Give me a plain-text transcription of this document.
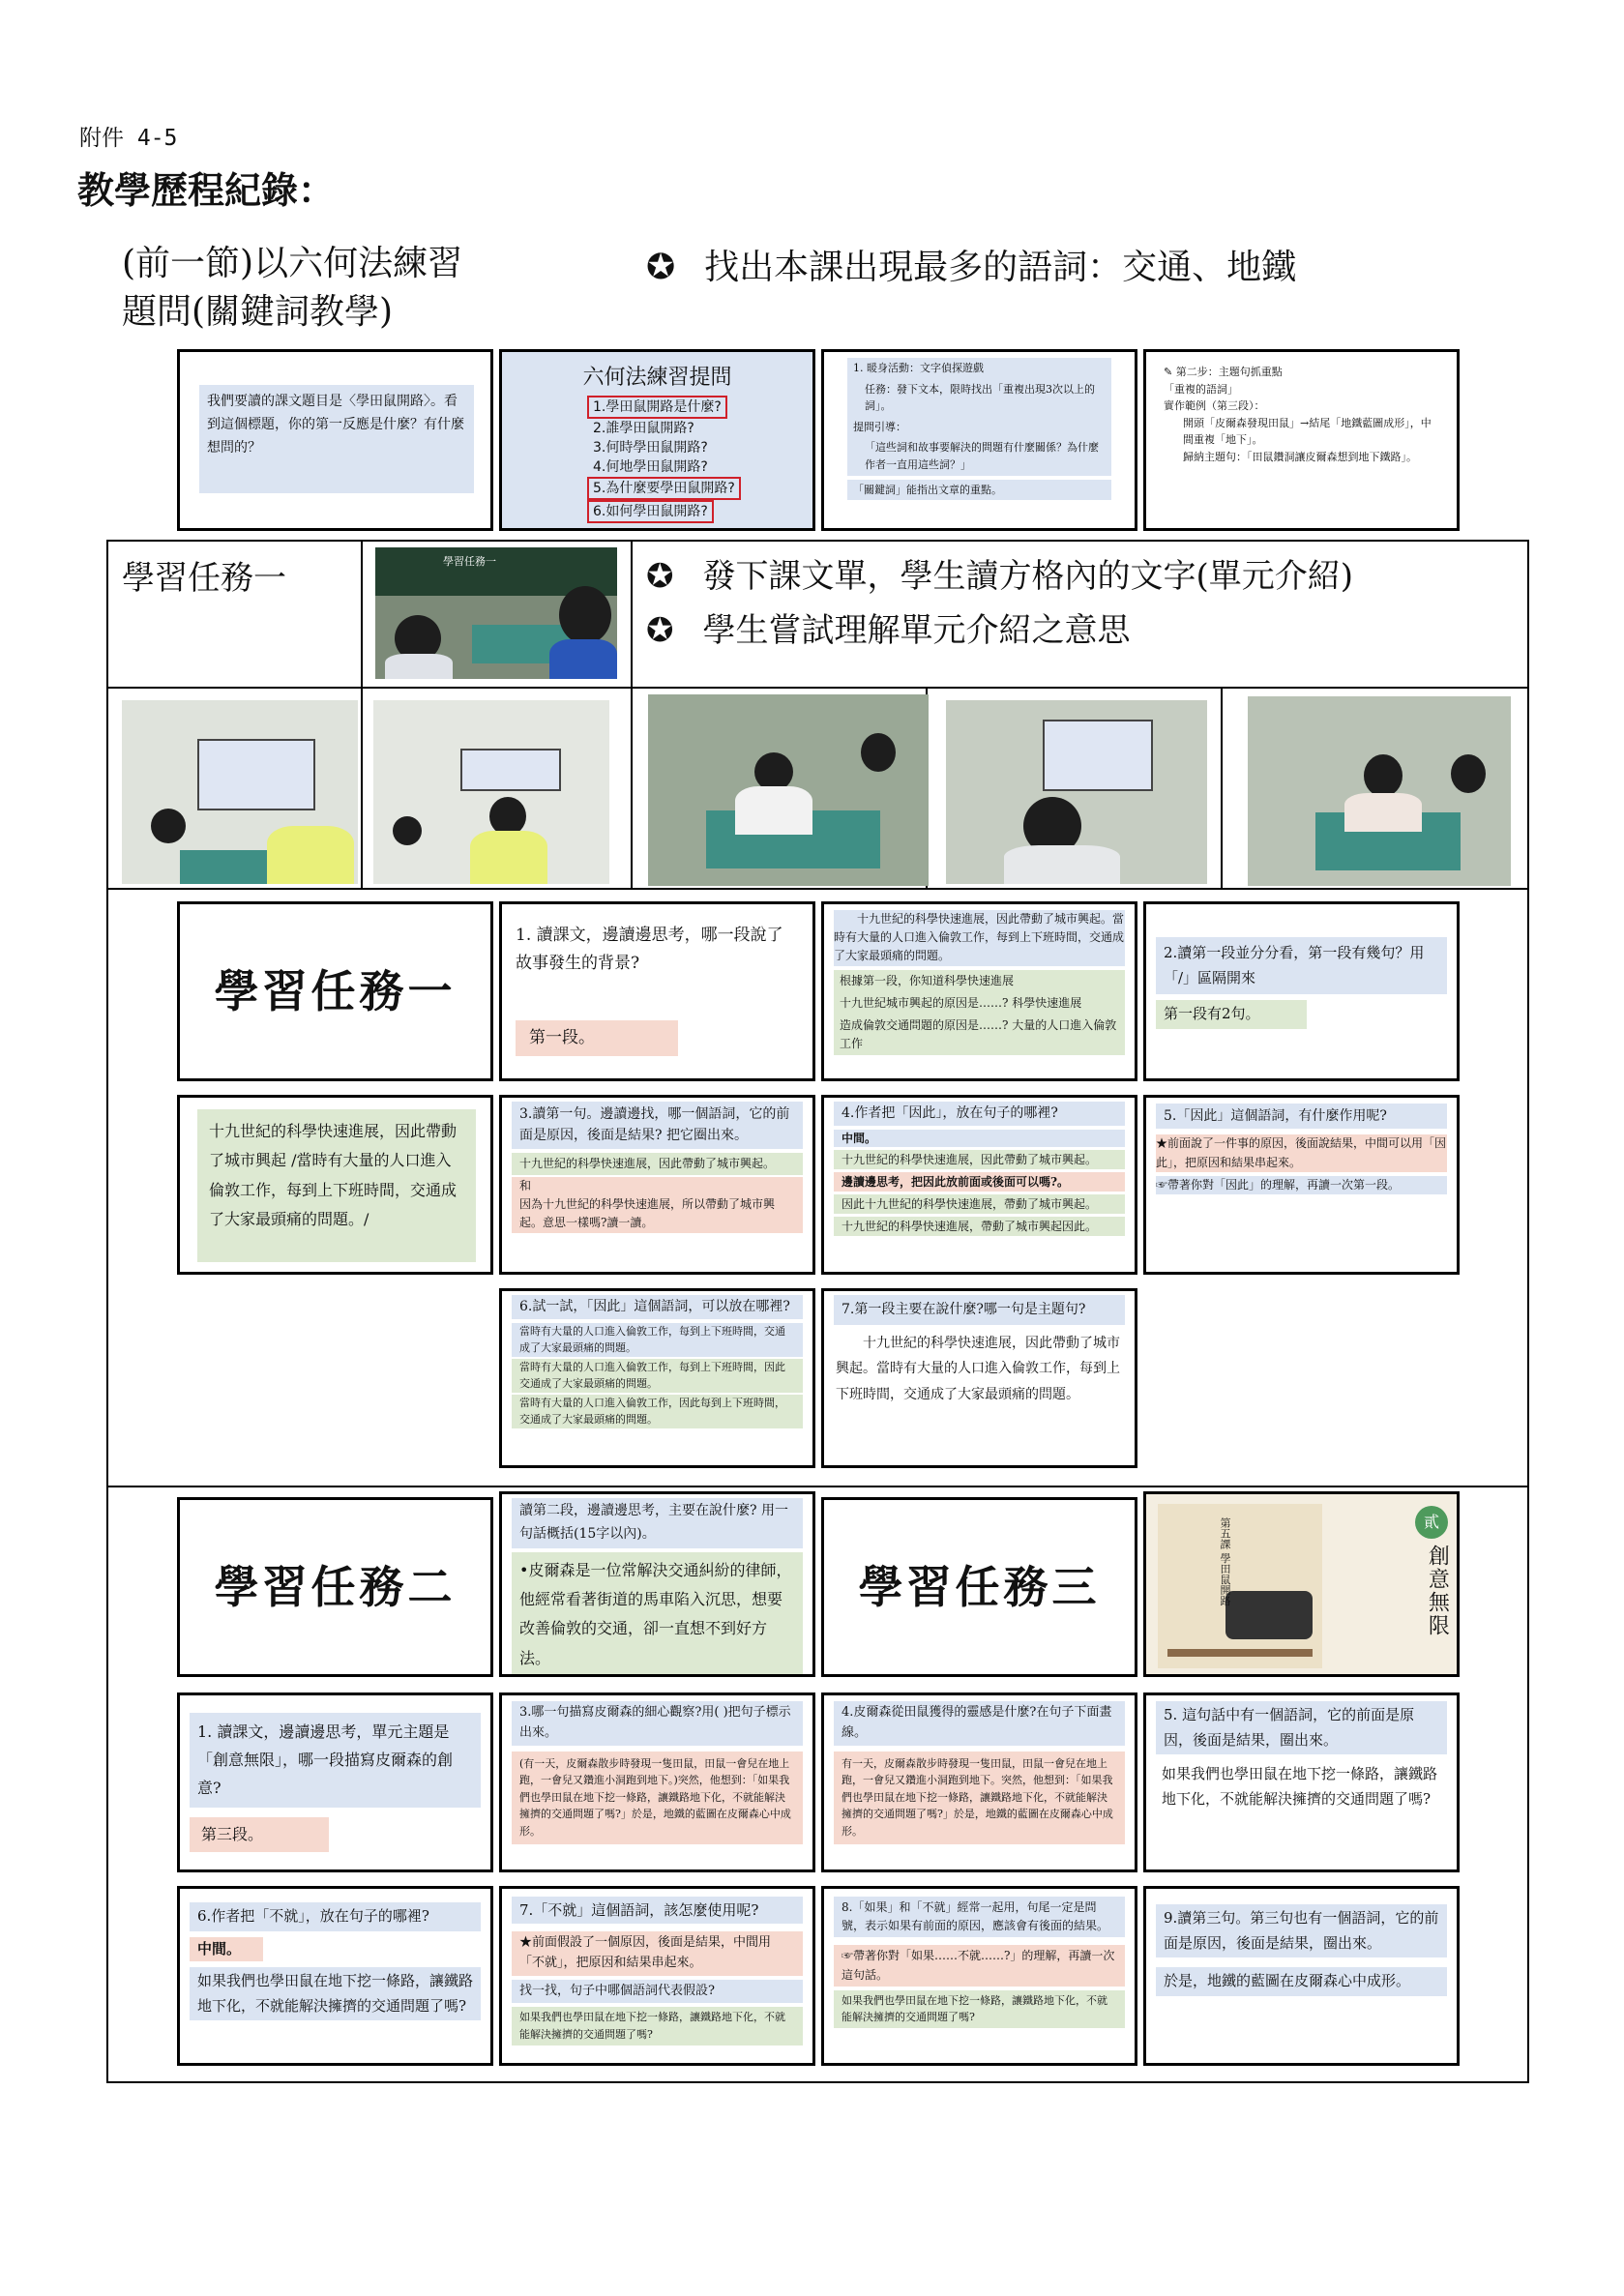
附件 4-5
教學歷程紀錄：
(前一節)以六何法練習
題問(關鍵詞教學)
✪ 找出本課出現最多的語詞：交通、地鐵
我們要讀的課文題目是〈學田鼠開路〉。看到這個標題，你的第一反應是什麼？有什麼想問的？
六何法練習提問
1.學田鼠開路是什麼?
2.誰學田鼠開路?
3.何時學田鼠開路?
4.何地學田鼠開路?
5.為什麼要學田鼠開路? 6.如何學田鼠開路?
1. 暖身活動：文字偵探遊戲
任務：發下文本，限時找出「重複出現3次以上的詞」。
提問引導：
「這些詞和故事要解決的問題有什麼關係？為什麼作者一直用這些詞？」
「關鍵詞」能指出文章的重點。
✎ 第二步：主題句抓重點
「重複的語詞」
實作範例（第三段）：
開頭「皮爾森發現田鼠」→結尾「地鐵藍圖成形」，中間重複「地下」。
歸納主題句：「田鼠鑽洞讓皮爾森想到地下鐵路」。
學習任務一	✪ 發下課文單，學生讀方格內的文字(單元介紹)
✪ 學生嘗試理解單元介紹之意思
學習任務一
學習任務一
1. 讀課文，邊讀邊思考，哪一段說了故事發生的背景?
第一段。
十九世紀的科學快速進展，因此帶動了城市興起。當時有大量的人口進入倫敦工作，每到上下班時間，交通成了大家最頭痛的問題。
根據第一段，你知道科學快速進展
十九世紀城市興起的原因是……? 科學快速進展
造成倫敦交通問題的原因是……? 大量的人口進入倫敦工作
2.讀第一段並分分看，第一段有幾句？用「/」區隔開來
第一段有2句。
十九世紀的科學快速進展，因此帶動了城市興起 /當時有大量的人口進入倫敦工作，每到上下班時間，交通成了大家最頭痛的問題。/
3.讀第一句。邊讀邊找，哪一個語詞，它的前面是原因，後面是結果? 把它圈出來。
十九世紀的科學快速進展，因此帶動了城市興起。
和
因為十九世紀的科學快速進展，所以帶動了城市興起。意思一樣嗎?讀一讀。
4.作者把「因此」，放在句子的哪裡?
中間。
十九世紀的科學快速進展，因此帶動了城市興起。
邊讀邊思考，把因此放前面或後面可以嗎?。
因此十九世紀的科學快速進展，帶動了城市興起。
十九世紀的科學快速進展，帶動了城市興起因此。
5.「因此」這個語詞，有什麼作用呢?
★前面說了一件事的原因，後面說結果，中間可以用「因此」，把原因和結果串起來。
☞帶著你對「因此」的理解，再讀一次第一段。
6.試一試，「因此」這個語詞，可以放在哪裡?
當時有大量的人口進入倫敦工作，每到上下班時間，交通成了大家最頭痛的問題。
當時有大量的人口進入倫敦工作，每到上下班時間，因此交通成了大家最頭痛的問題。
當時有大量的人口進入倫敦工作，因此每到上下班時間，交通成了大家最頭痛的問題。
7.第一段主要在說什麼?哪一句是主題句?
十九世紀的科學快速進展，因此帶動了城市興起。當時有大量的人口進入倫敦工作，每到上下班時間，交通成了大家最頭痛的問題。
學習任務二
讀第二段，邊讀邊思考，主要在說什麼? 用一句話概括(15字以內)。
•皮爾森是一位常解決交通糾紛的律師，他經常看著街道的馬車陷入沉思，想要改善倫敦的交通，卻一直想不到好方法。
學習任務三	第五課 學田鼠開路	貳
創意無限
1. 讀課文，邊讀邊思考，單元主題是「創意無限」，哪一段描寫皮爾森的創意?
第三段。
3.哪一句描寫皮爾森的細心觀察?用( )把句子標示出來。
(有一天，皮爾森散步時發現一隻田鼠，田鼠一會兒在地上跑，一會兒又鑽進小洞跑到地下。)突然，他想到：「如果我們也學田鼠在地下挖一條路，讓鐵路地下化，不就能解決擁擠的交通問題了嗎?」於是，地鐵的藍圖在皮爾森心中成形。
4.皮爾森從田鼠獲得的靈感是什麼?在句子下面畫線。
有一天，皮爾森散步時發現一隻田鼠，田鼠一會兒在地上跑，一會兒又鑽進小洞跑到地下。突然，他想到：「如果我們也學田鼠在地下挖一條路，讓鐵路地下化，不就能解決擁擠的交通問題了嗎?」於是，地鐵的藍圖在皮爾森心中成形。
5. 這句話中有一個語詞，它的前面是原因，後面是結果，圈出來。
如果我們也學田鼠在地下挖一條路，讓鐵路地下化，不就能解決擁擠的交通問題了嗎?
6.作者把「不就」，放在句子的哪裡?
中間。
如果我們也學田鼠在地下挖一條路，讓鐵路地下化，不就能解決擁擠的交通問題了嗎?
7.「不就」這個語詞，該怎麼使用呢?
★前面假設了一個原因，後面是結果，中間用「不就」，把原因和結果串起來。
找一找，句子中哪個語詞代表假設?
如果我們也學田鼠在地下挖一條路，讓鐵路地下化，不就能解決擁擠的交通問題了嗎?
8.「如果」和「不就」經常一起用，句尾一定是問號，表示如果有前面的原因，應該會有後面的結果。
☞帶著你對「如果……不就……?」的理解，再讀一次這句話。
如果我們也學田鼠在地下挖一條路，讓鐵路地下化，不就能解決擁擠的交通問題了嗎?
9.讀第三句。第三句也有一個語詞，它的前面是原因，後面是結果，圈出來。
於是，地鐵的藍圖在皮爾森心中成形。
